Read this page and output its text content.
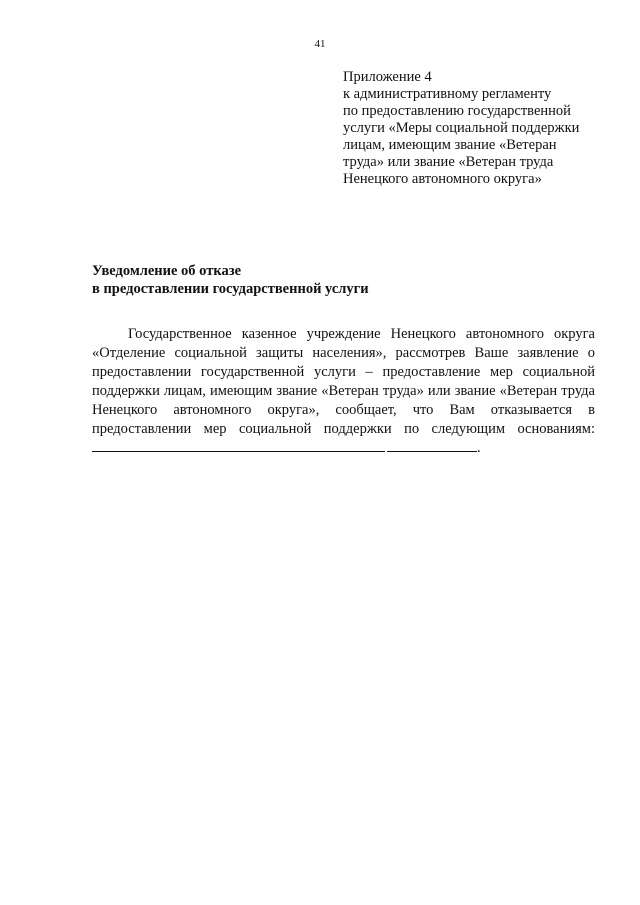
41
Приложение 4
к административному регламенту
по предоставлению государственной
услуги «Меры социальной поддержки
лицам, имеющим звание «Ветеран
труда» или звание «Ветеран труда
Ненецкого автономного округа»
Уведомление об отказе
в предоставлении государственной услуги

Государственное казенное учреждение Ненецкого автономного округа «Отделение социальной защиты населения», рассмотрев Ваше заявление о предоставлении государственной услуги – предоставление мер социальной поддержки лицам, имеющим звание «Ветеран труда» или звание «Ветеран труда Ненецкого автономного округа», сообщает, что Вам отказывается в предоставлении мер социальной поддержки по следующим основаниям:.
